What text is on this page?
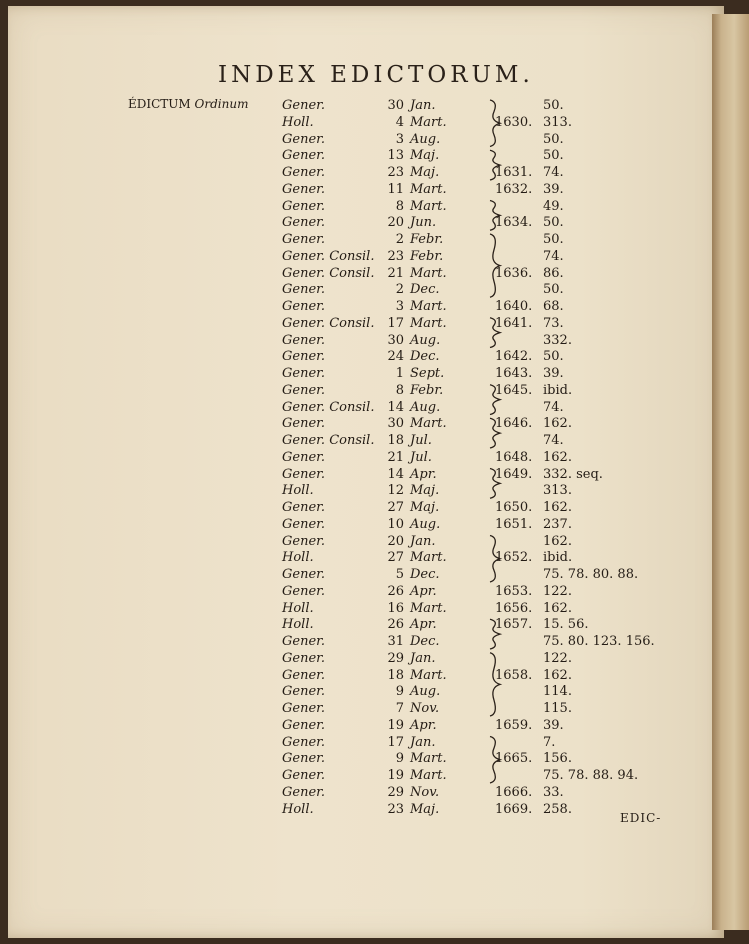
INDEX EDICTORUM.
ÉDICTUM Ordinum	Gener.	30 Jan.	50.
Holl.	4 Mart.	1630. 313.
Gener.	3 Aug.	50.
Gener.	13 Maj.	50.
Gener.	23 Maj.	1631. 74.
Gener.	11 Mart.	1632. 39.
Gener.	8 Mart.	49.
Gener.	20 Jun.	1634. 50.
Gener.	2 Febr.	50.
Gener. Consil. 23 Febr.	74.
Gener. Consil. 21 Mart.	1636. 86.
Gener.	2 Dec.	50.
Gener.	3 Mart.	1640. 68.
Gener. Consil. 17 Mart.	1641. 73.
Gener.	30 Aug.	332.
Gener.	24 Dec.	1642. 50.
Gener.	1 Sept.	1643. 39.
Gener.	8 Febr.	1645. ibid.
Gener. Consil. 14 Aug.	74.
Gener.	30 Mart.	1646. 162.
Gener. Consil. 18 Jul.	74.
Gener.	21 Jul.	1648. 162.
Gener.	14 Apr.	1649. 332. seq.
Holl.	12 Maj.	313.
Gener.	27 Maj.	1650. 162.
Gener.	10 Aug.	1651. 237.
Gener.	20 Jan.	162.
Holl.	27 Mart.	1652. ibid.
Gener.	5 Dec.	75. 78. 80. 88.
Gener.	26 Apr.	1653. 122.
Holl.	16 Mart.	1656. 162.
Holl.	26 Apr.	1657. 15. 56.
Gener.	31 Dec.	75. 80. 123. 156.
Gener.	29 Jan.	122.
Gener.	18 Mart.	1658. 162.
Gener.	9 Aug.	114.
Gener.	7 Nov.	115.
Gener.	19 Apr.	1659. 39.
Gener.	17 Jan.	7.
Gener.	9 Mart.	1665. 156.
Gener.	19 Mart.	75. 78. 88. 94.
Gener.	29 Nov.	1666. 33.
Holl.	23 Maj.	1669. 258.
EDIC-
